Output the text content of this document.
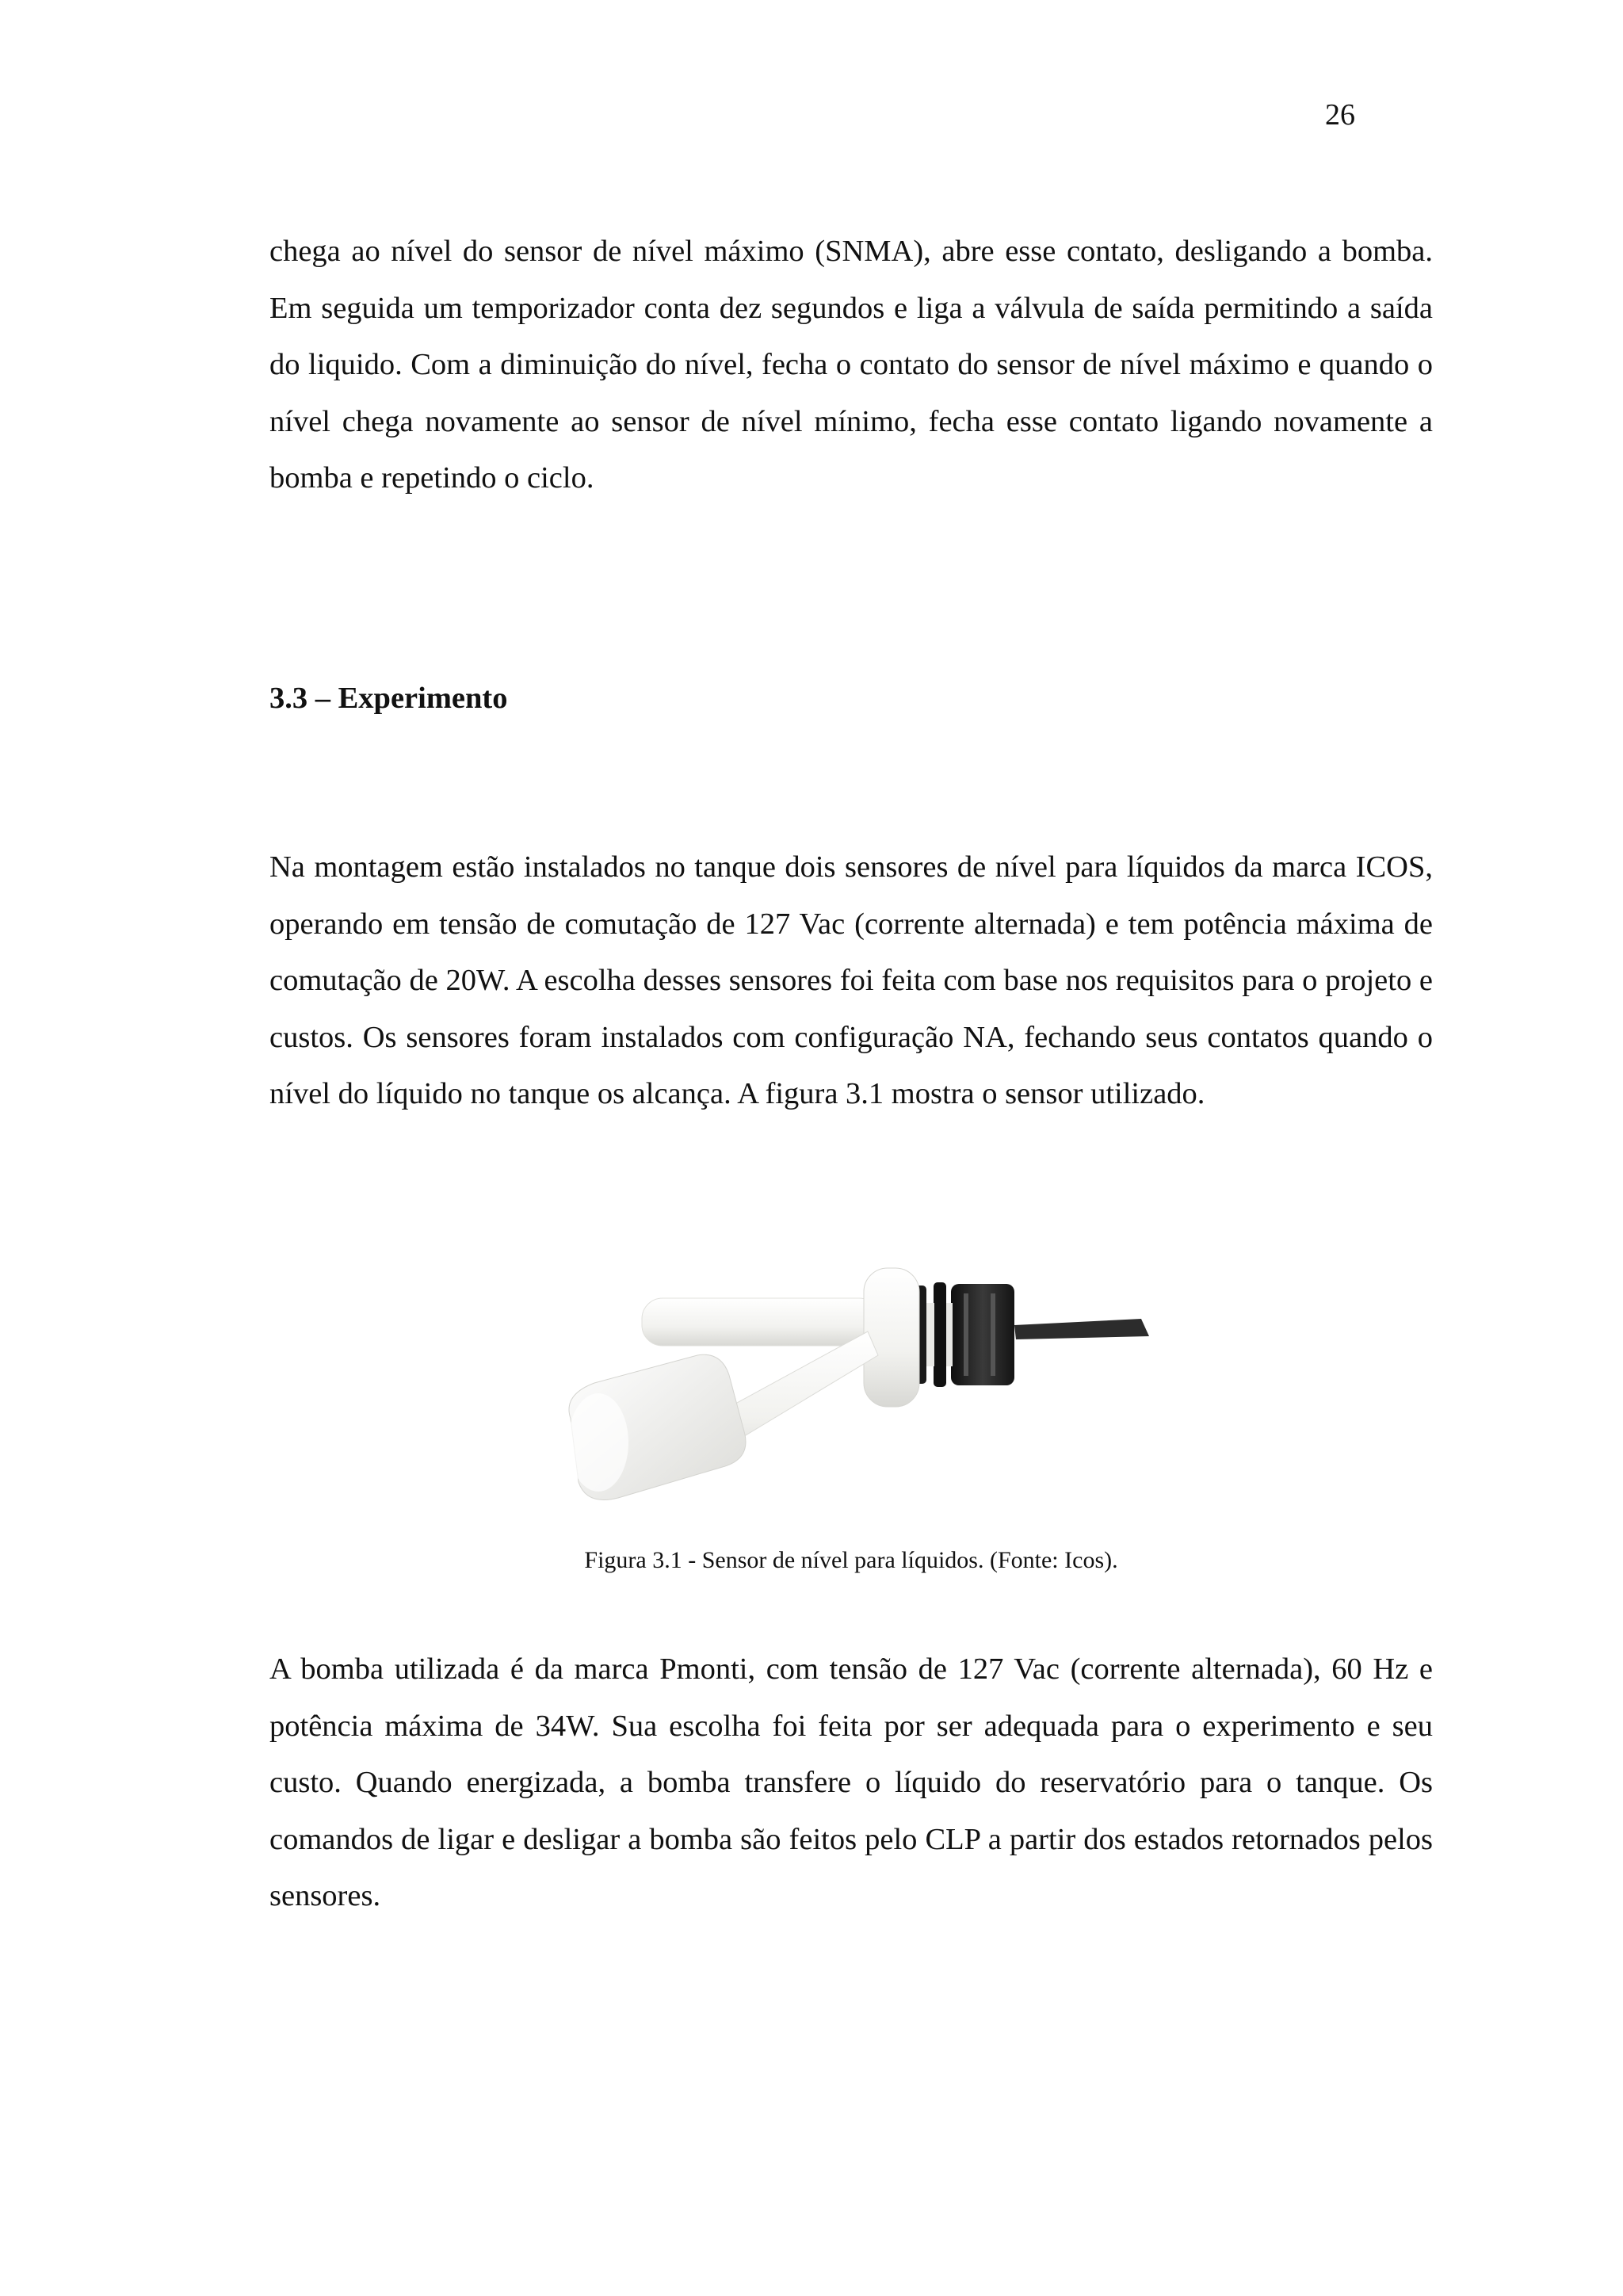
26

chega ao nível do sensor de nível máximo (SNMA), abre esse contato, desligando a bomba. Em seguida um temporizador conta dez segundos e liga a válvula de saída permitindo a saída do liquido. Com a diminuição do nível, fecha o contato do sensor de nível máximo e quando o nível chega novamente ao sensor de nível mínimo, fecha esse contato ligando novamente a bomba e repetindo o ciclo.

3.3 – Experimento

Na montagem estão instalados no tanque dois sensores de nível para líquidos da marca ICOS, operando em tensão de comutação de 127 Vac (corrente alternada) e tem potência máxima de comutação de 20W. A escolha desses sensores foi feita com base nos requisitos para o projeto e custos. Os sensores foram instalados com configuração NA, fechando seus contatos quando o nível do líquido no tanque os alcança. A figura 3.1 mostra o sensor utilizado.

Figura 3.1 - Sensor de nível para líquidos. (Fonte: Icos).

A bomba utilizada é da marca Pmonti, com tensão de 127 Vac (corrente alternada), 60 Hz e potência máxima de 34W. Sua escolha foi feita por ser adequada para o experimento e seu custo. Quando energizada, a bomba transfere o líquido do reservatório para o tanque. Os comandos de ligar e desligar a bomba são feitos pelo CLP a partir dos estados retornados pelos sensores.
